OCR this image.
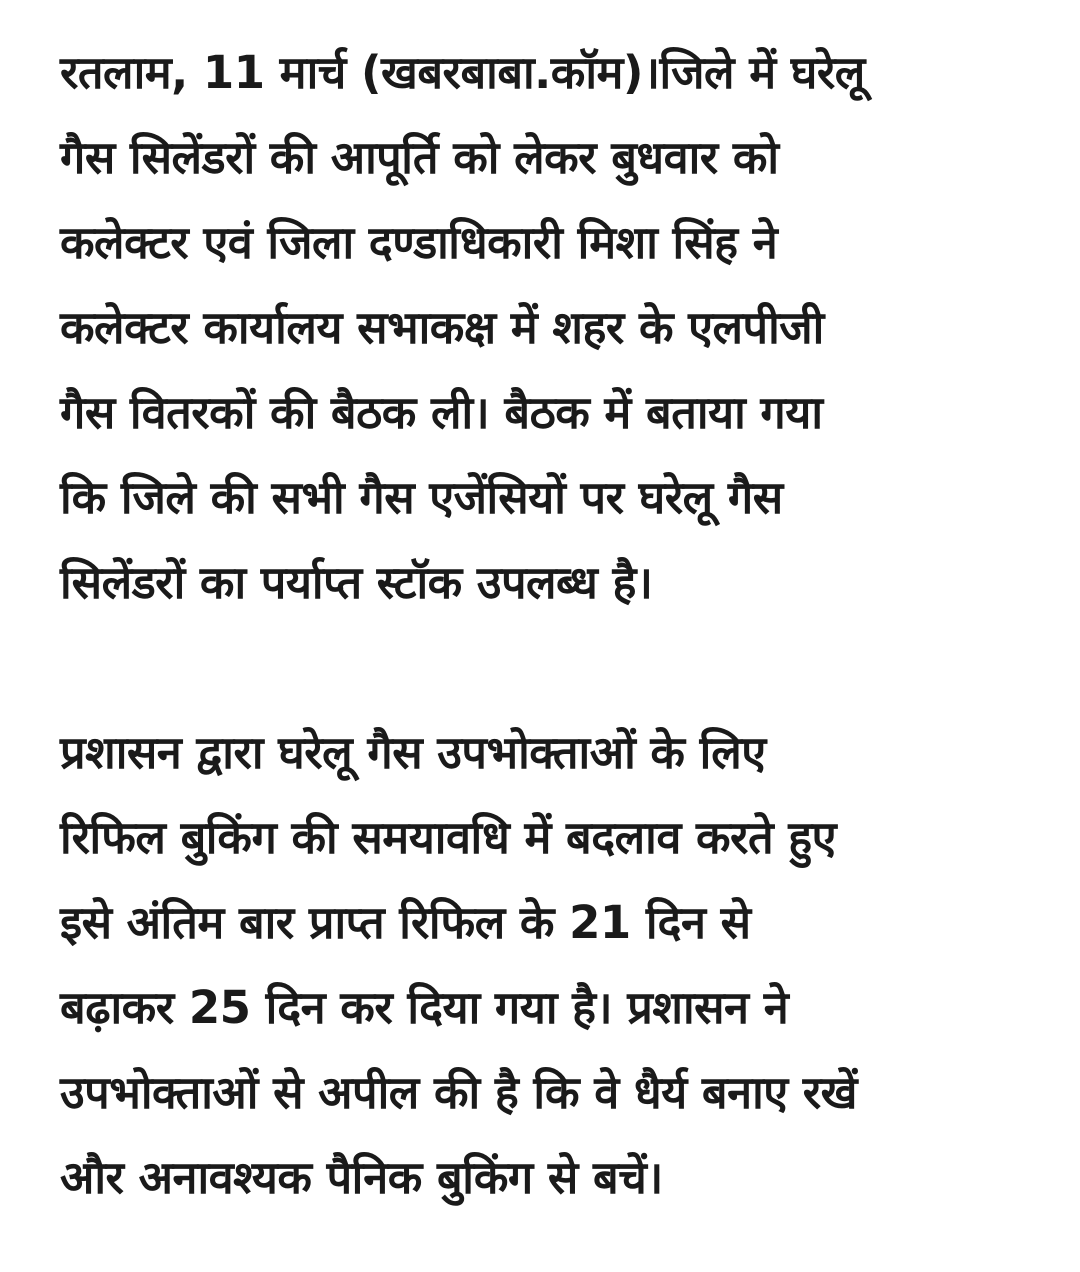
रतलाम, 11 मार्च (खबरबाबा.कॉम)।जिले में घरेलू
गैस सिलेंडरों की आपूर्ति को लेकर बुधवार को
कलेक्टर एवं जिला दण्डाधिकारी मिशा सिंह ने
कलेक्टर कार्यालय सभाकक्ष में शहर के एलपीजी
गैस वितरकों की बैठक ली। बैठक में बताया गया
कि जिले की सभी गैस एजेंसियों पर घरेलू गैस
सिलेंडरों का पर्याप्त स्टॉक उपलब्ध है।
प्रशासन द्वारा घरेलू गैस उपभोक्ताओं के लिए
रिफिल बुकिंग की समयावधि में बदलाव करते हुए
इसे अंतिम बार प्राप्त रिफिल के 21 दिन से
बढ़ाकर 25 दिन कर दिया गया है। प्रशासन ने
उपभोक्ताओं से अपील की है कि वे धैर्य बनाए रखें
और अनावश्यक पैनिक बुकिंग से बचें।
